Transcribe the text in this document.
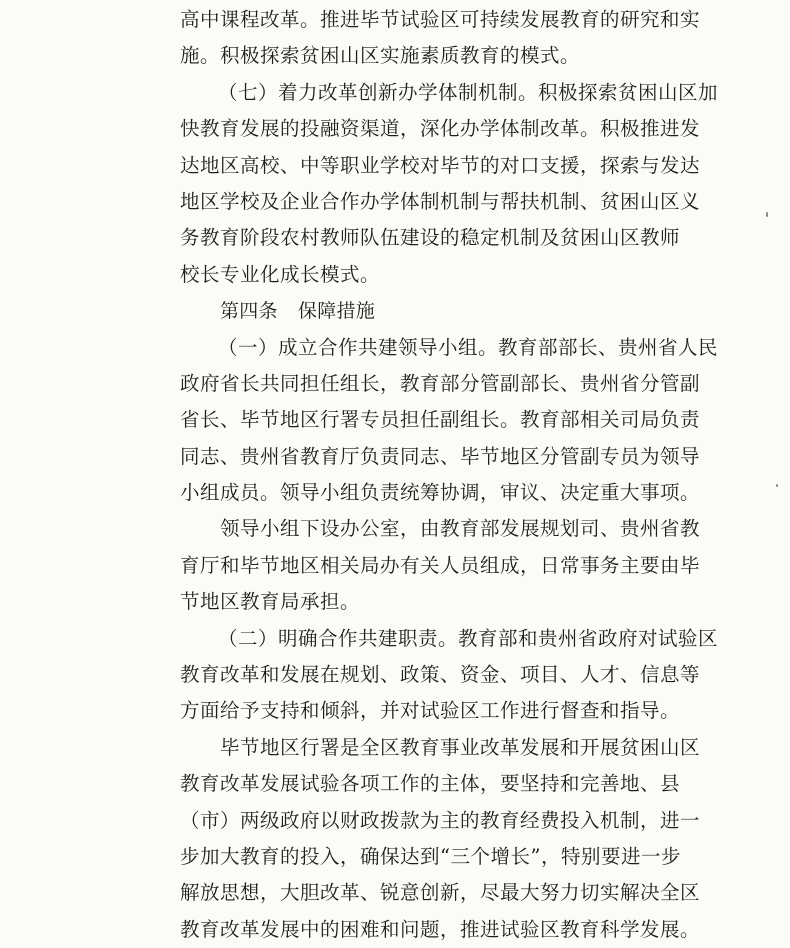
高中课程改革。推进毕节试验区可持续发展教育的研究和实
施。积极探索贫困山区实施素质教育的模式。
（七）着力改革创新办学体制机制。积极探索贫困山区加
快教育发展的投融资渠道，深化办学体制改革。积极推进发
达地区高校、中等职业学校对毕节的对口支援，探索与发达
地区学校及企业合作办学体制机制与帮扶机制、贫困山区义
务教育阶段农村教师队伍建设的稳定机制及贫困山区教师
校长专业化成长模式。
第四条 保障措施
（一）成立合作共建领导小组。教育部部长、贵州省人民
政府省长共同担任组长，教育部分管副部长、贵州省分管副
省长、毕节地区行署专员担任副组长。教育部相关司局负责
同志、贵州省教育厅负责同志、毕节地区分管副专员为领导
小组成员。领导小组负责统筹协调，审议、决定重大事项。
领导小组下设办公室，由教育部发展规划司、贵州省教
育厅和毕节地区相关局办有关人员组成，日常事务主要由毕
节地区教育局承担。
（二）明确合作共建职责。教育部和贵州省政府对试验区
教育改革和发展在规划、政策、资金、项目、人才、信息等
方面给予支持和倾斜，并对试验区工作进行督查和指导。
毕节地区行署是全区教育事业改革发展和开展贫困山区
教育改革发展试验各项工作的主体，要坚持和完善地、县
（市）两级政府以财政拨款为主的教育经费投入机制，进一
步加大教育的投入，确保达到“三个增长”，特别要进一步
解放思想，大胆改革、锐意创新，尽最大努力切实解决全区
教育改革发展中的困难和问题，推进试验区教育科学发展。
